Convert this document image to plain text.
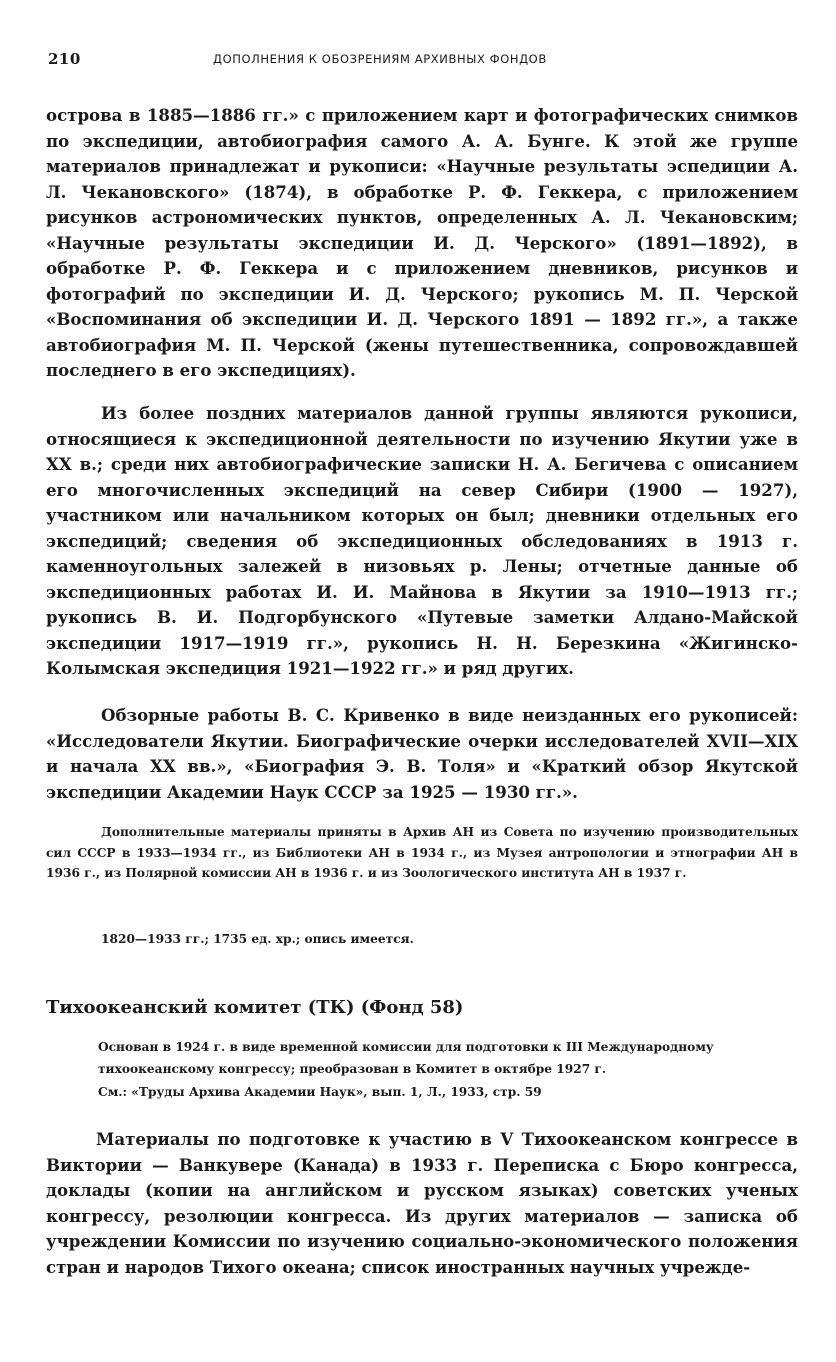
210	ДОПОЛНЕНИЯ К ОБОЗРЕНИЯМ АРХИВНЫХ ФОНДОВ

острова в 1885—1886 гг.» с приложением карт и фотографических снимков по экспедиции, автобиография самого А. А. Бунге. К этой же группе материалов принадлежат и рукописи: «Научные результаты эспедиции А. Л. Чекановского» (1874), в обработке Р. Ф. Геккера, с приложением рисунков астрономических пунктов, определенных А. Л. Чекановским; «Научные результаты экспедиции И. Д. Черского» (1891—1892), в обработке Р. Ф. Геккера и с приложением дневников, рисунков и фотографий по экспедиции И. Д. Черского; рукопись М. П. Черской «Воспоминания об экспедиции И. Д. Черского 1891 — 1892 гг.», а также автобиография М. П. Черской (жены путешественника, сопровождавшей последнего в его экспедициях).

Из более поздних материалов данной группы являются рукописи, относящиеся к экспедиционной деятельности по изучению Якутии уже в XX в.; среди них автобиографические записки Н. А. Бегичева с описанием его многочисленных экспедиций на север Сибири (1900 — 1927), участником или начальником которых он был; дневники отдельных его экспедиций; сведения об экспедиционных обследованиях в 1913 г. каменноугольных залежей в низовьях р. Лены; отчетные данные об экспедиционных работах И. И. Майнова в Якутии за 1910—1913 гг.; рукопись В. И. Подгорбунского «Путевые заметки Алдано-Майской экспедиции 1917—1919 гг.», рукопись Н. Н. Березкина «Жигинско-Колымская экспедиция 1921—1922 гг.» и ряд других.

Обзорные работы В. С. Кривенко в виде неизданных его рукописей: «Исследователи Якутии. Биографические очерки исследователей XVII—XIX и начала XX вв.», «Биография Э. В. Толя» и «Краткий обзор Якутской экспедиции Академии Наук СССР за 1925 — 1930 гг.».

Дополнительные материалы приняты в Архив АН из Совета по изучению производительных сил СССР в 1933—1934 гг., из Библиотеки АН в 1934 г., из Музея антропологии и этнографии АН в 1936 г., из Полярной комиссии АН в 1936 г. и из Зоологического института АН в 1937 г.

1820—1933 гг.; 1735 ед. хр.; опись имеется.

Тихоокеанский комитет (ТК) (Фонд 58)

Основан в 1924 г. в виде временной комиссии для подготовки к III Международному тихоокеанскому конгрессу; преобразован в Комитет в октябре 1927 г.

См.: «Труды Архива Академии Наук», вып. 1, Л., 1933, стр. 59

Материалы по подготовке к участию в V Тихоокеанском конгрессе в Виктории — Ванкувере (Канада) в 1933 г. Переписка с Бюро конгресса, доклады (копии на английском и русском языках) советских ученых конгрессу, резолюции конгресса. Из других материалов — записка об учреждении Комиссии по изучению социально-экономического положения стран и народов Тихого океана; список иностранных научных учрежде-
